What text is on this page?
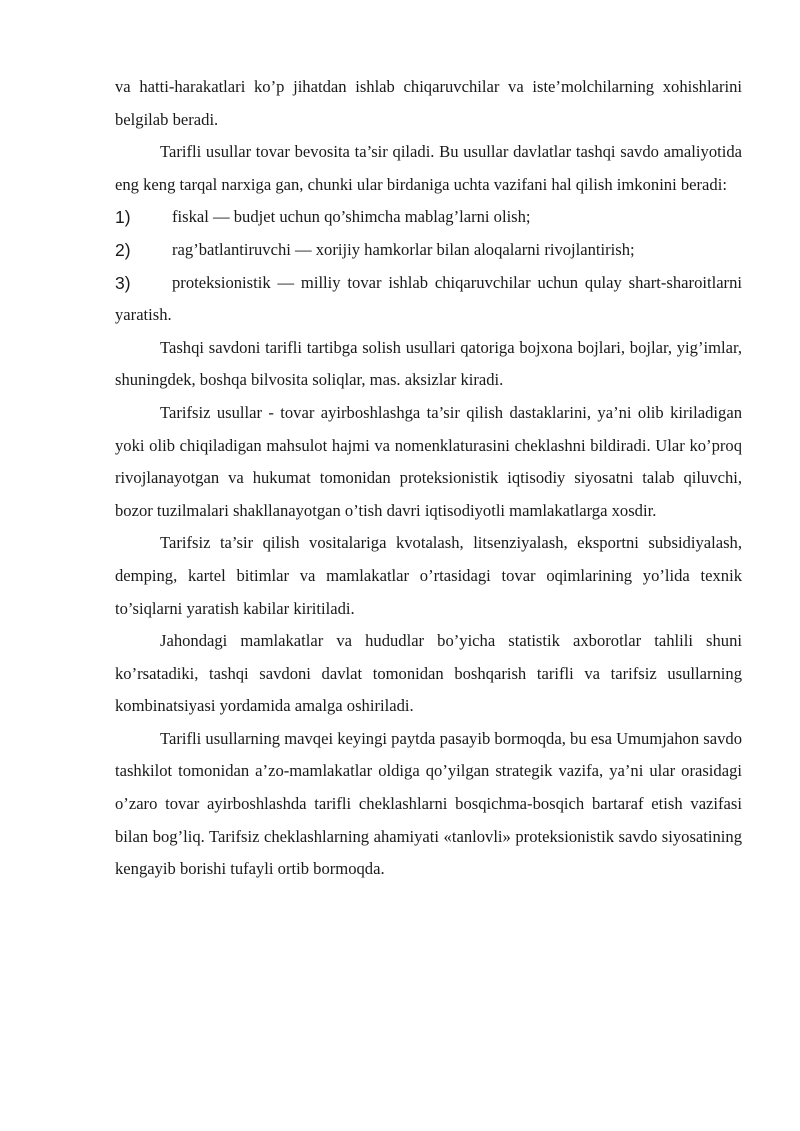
va hatti-harakatlari ko’p jihatdan ishlab chiqaruvchilar va iste’molchilarning xohishlarini belgilab beradi.

Tarifli usullar tovar bevosita ta’sir qiladi. Bu usullar davlatlar tashqi savdo amaliyotida eng keng tarqal narxiga gan, chunki ular birdaniga uchta vazifani hal qilish imkonini beradi:

1)	fiskal — budjet uchun qo’shimcha mablag’larni olish;
2)	rag’batlantiruvchi — xorijiy hamkorlar bilan aloqalarni rivojlantirish;
3)	proteksionistik — milliy tovar ishlab chiqaruvchilar uchun qulay shart-sharoitlarni yaratish.

Tashqi savdoni tarifli tartibga solish usullari qatoriga bojxona bojlari, bojlar, yig’imlar, shuningdek, boshqa bilvosita soliqlar, mas. aksizlar kiradi.

Tarifsiz usullar - tovar ayirboshlashga ta’sir qilish dastaklarini, ya’ni olib kiriladigan yoki olib chiqiladigan mahsulot hajmi va nomenklaturasini cheklashni bildiradi. Ular ko’proq rivojlanayotgan va hukumat tomonidan proteksionistik iqtisodiy siyosatni talab qiluvchi, bozor tuzilmalari shakllanayotgan o’tish davri iqtisodiyotli mamlakatlarga xosdir.

Tarifsiz ta’sir qilish vositalariga kvotalash, litsenziyalash, eksportni subsidiyalash, demping, kartel bitimlar va mamlakatlar o’rtasidagi tovar oqimlarining yo’lida texnik to’siqlarni yaratish kabilar kiritiladi.

Jahondagi mamlakatlar va hududlar bo’yicha statistik axborotlar tahlili shuni ko’rsatadiki, tashqi savdoni davlat tomonidan boshqarish tarifli va tarifsiz usullarning kombinatsiyasi yordamida amalga oshiriladi.

Tarifli usullarning mavqei keyingi paytda pasayib bormoqda, bu esa Umumjahon savdo tashkilot tomonidan a’zo-mamlakatlar oldiga qo’yilgan strategik vazifa, ya’ni ular orasidagi o’zaro tovar ayirboshlashda tarifli cheklashlarni bosqichma-bosqich bartaraf etish vazifasi bilan bog’liq. Tarifsiz cheklashlarning ahamiyati «tanlovli» proteksionistik savdo siyosatining kengayib borishi tufayli ortib bormoqda.
